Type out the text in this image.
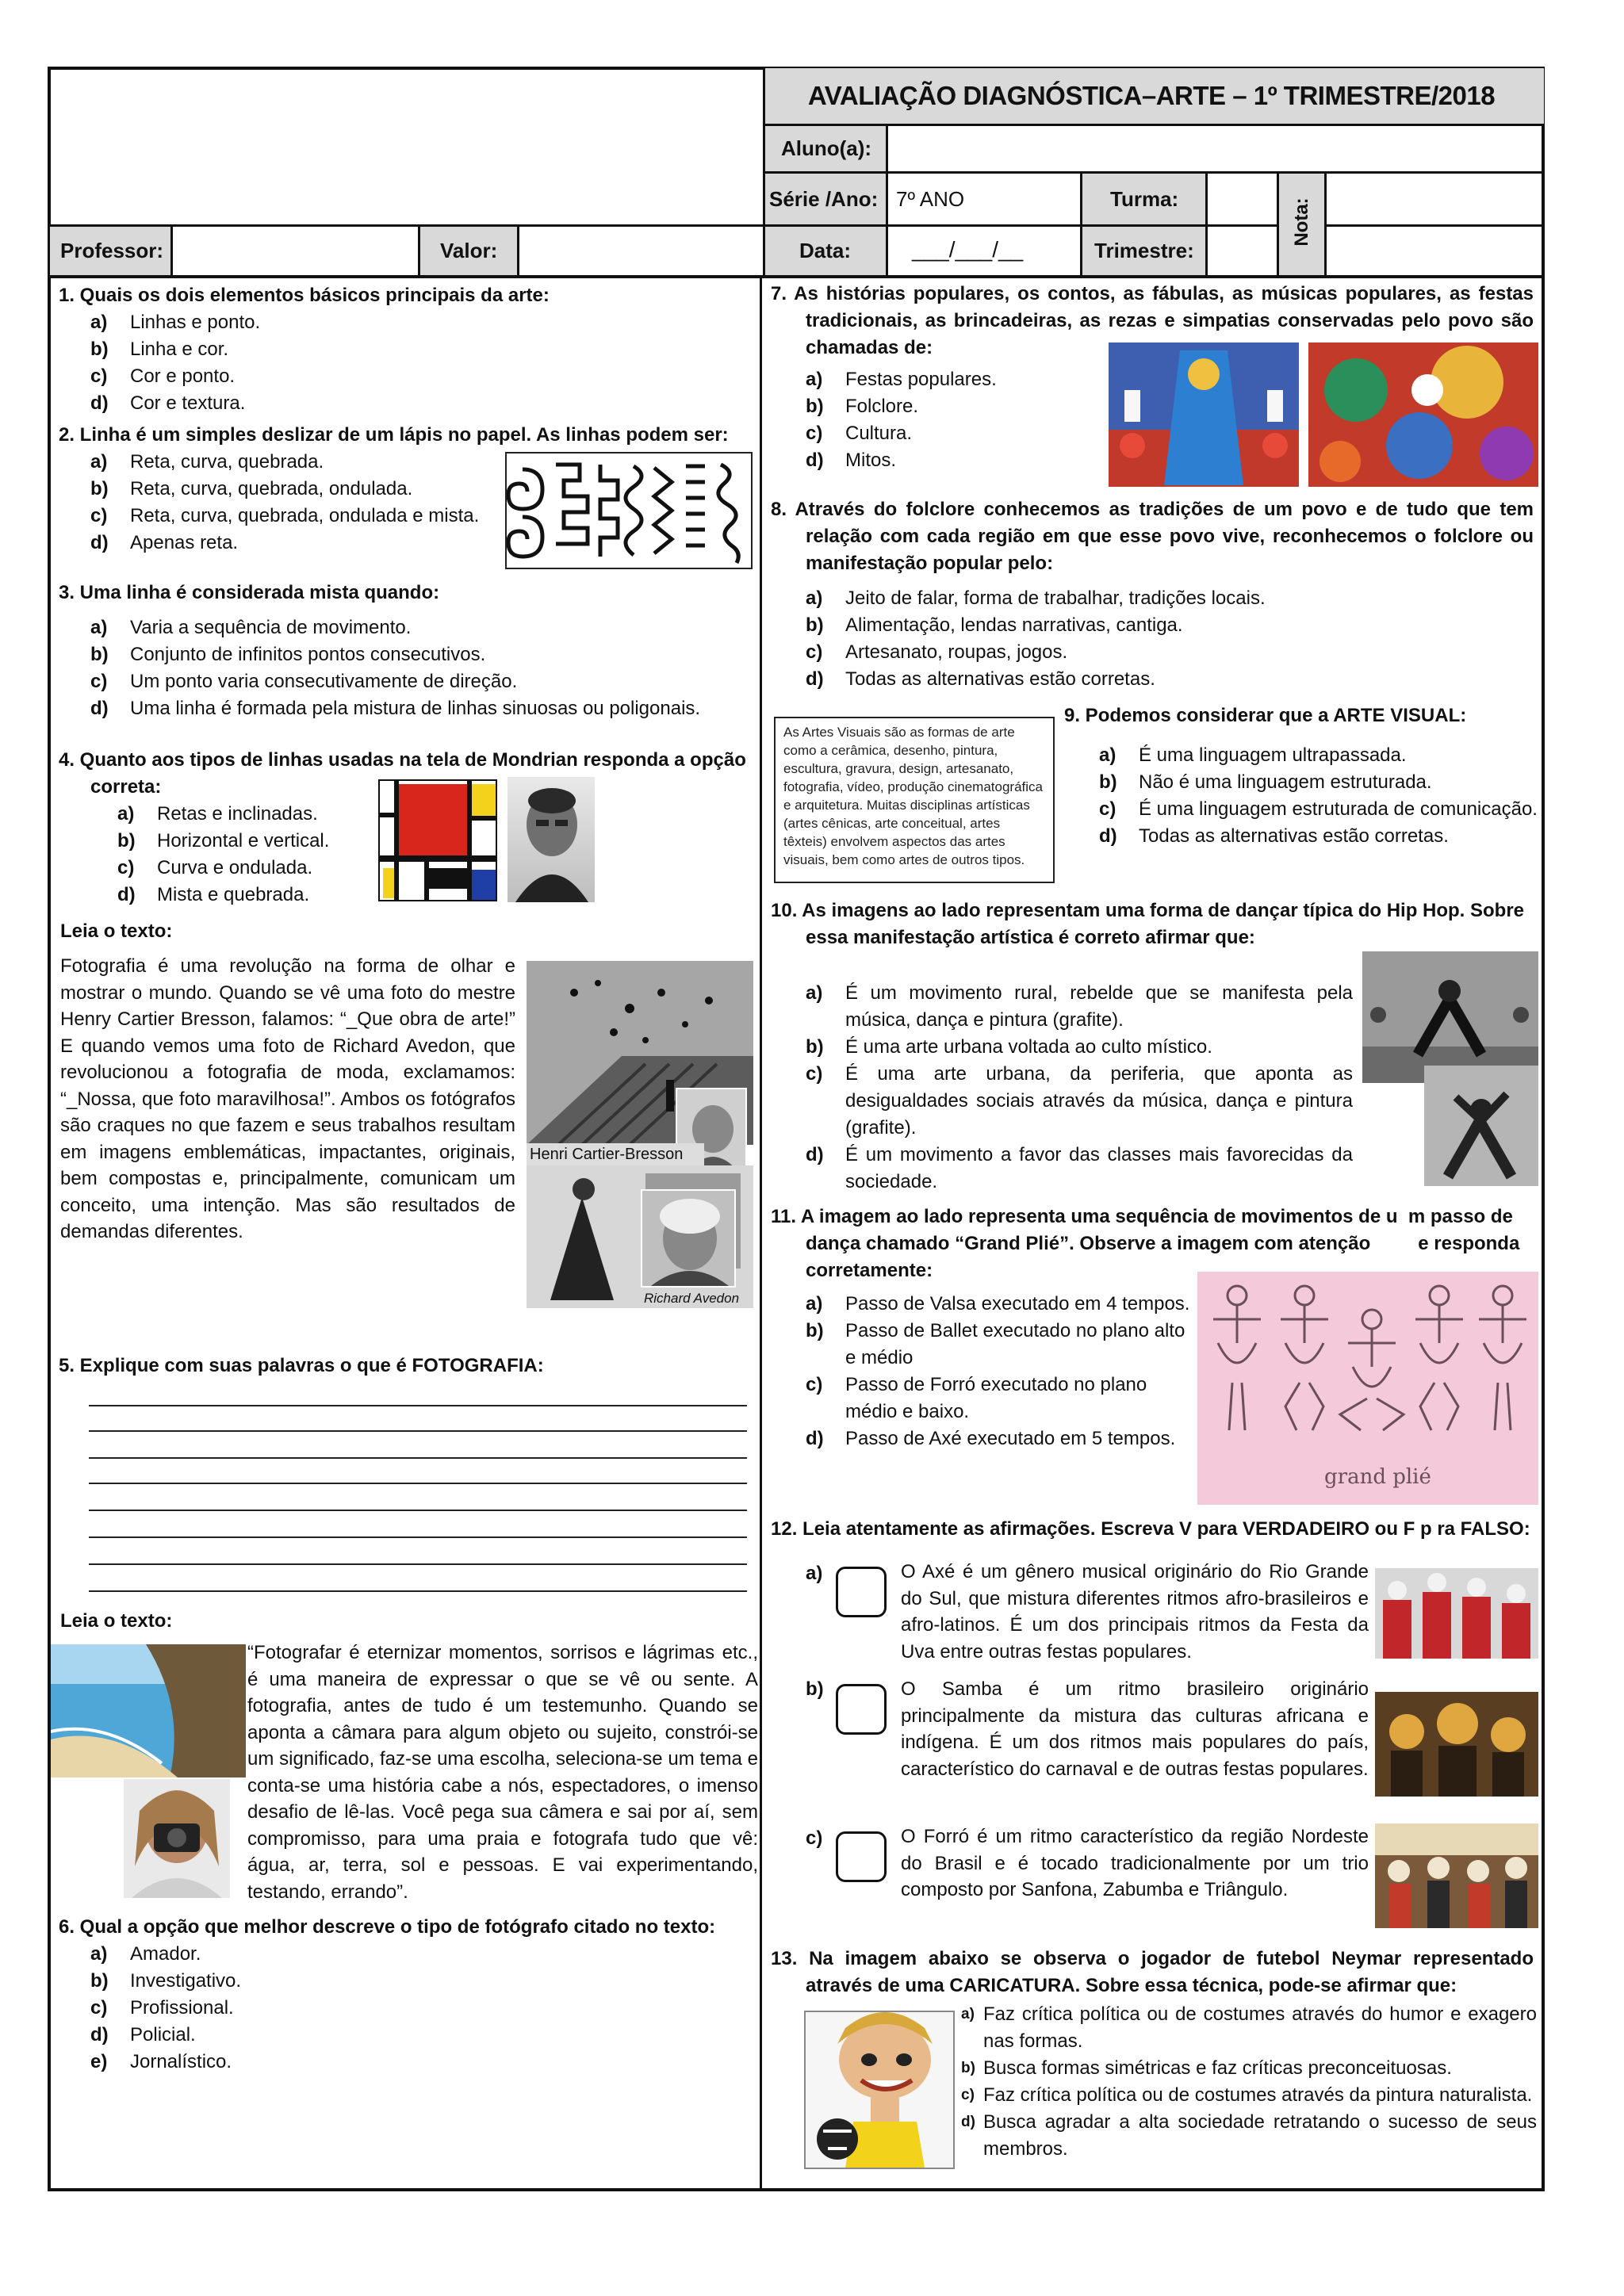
AVALIAÇÃO DIAGNÓSTICA–ARTE – 1º TRIMESTRE/2018
Aluno(a):
Série /Ano: 7º ANO	Turma:	Nota:
Professor:	Valor:	Data:	___/___/__	Trimestre:
1. Quais os dois elementos básicos principais da arte:
a)	Linhas e ponto.
b)	Linha e cor.
c)	Cor e ponto.
d)	Cor e textura.
2. Linha é um simples deslizar de um lápis no papel. As linhas podem ser:
a)	Reta, curva, quebrada.
b)	Reta, curva, quebrada, ondulada.
c)	Reta, curva, quebrada, ondulada e mista.
d)	Apenas reta.
3. Uma linha é considerada mista quando:
a)	Varia a sequência de movimento.
b)	Conjunto de infinitos pontos consecutivos.
c)	Um ponto varia consecutivamente de direção.
d)	Uma linha é formada pela mistura de linhas sinuosas ou poligonais.
4. Quanto aos tipos de linhas usadas na tela de Mondrian responda a opção
correta:
a)	Retas e inclinadas.
b)	Horizontal e vertical.
c)	Curva e ondulada.
d)	Mista e quebrada.
Leia o texto:
Fotografia é uma revolução na forma de olhar e mostrar o mundo. Quando se vê uma foto do mestre Henry Cartier Bresson, falamos: “_Que obra de arte!” E quando vemos uma foto de Richard Avedon, que revolucionou a fotografia de moda, exclamamos: “_Nossa, que foto maravilhosa!”. Ambos os fotógrafos são craques no que fazem e seus trabalhos resultam em imagens emblemáticas, impactantes, originais, bem compostas e, principalmente, comunicam um conceito, uma intenção. Mas são resultados de demandas diferentes.
Henri Cartier-Bresson
Richard Avedon
5. Explique com suas palavras o que é FOTOGRAFIA:
Leia o texto:
“Fotografar é eternizar momentos, sorrisos e lágrimas etc., é uma maneira de expressar o que se vê ou sente. A fotografia, antes de tudo é um testemunho. Quando se aponta a câmara para algum objeto ou sujeito, constrói-se um significado, faz-se uma escolha, seleciona-se um tema e conta-se uma história cabe a nós, espectadores, o imenso desafio de lê-las. Você pega sua câmera e sai por aí, sem compromisso, para uma praia e fotografa tudo que vê: água, ar, terra, sol e pessoas. E vai experimentando, testando, errando”.
6. Qual a opção que melhor descreve o tipo de fotógrafo citado no texto:
a)	Amador.
b)	Investigativo.
c)	Profissional.
d)	Policial.
e)	Jornalístico.
7. As histórias populares, os contos, as fábulas, as músicas populares, as festas tradicionais, as brincadeiras, as rezas e simpatias conservadas pelo povo são chamadas de:
a)	Festas populares.
b)	Folclore.
c)	Cultura.
d)	Mitos.
8. Através do folclore conhecemos as tradições de um povo e de tudo que tem relação com cada região em que esse povo vive, reconhecemos o folclore ou manifestação popular pelo:
a)	Jeito de falar, forma de trabalhar, tradições locais.
b)	Alimentação, lendas narrativas, cantiga.
c)	Artesanato, roupas, jogos.
d)	Todas as alternativas estão corretas.
As Artes Visuais são as formas de arte como a cerâmica, desenho, pintura, escultura, gravura, design, artesanato, fotografia, vídeo, produção cinematográfica e arquitetura. Muitas disciplinas artísticas (artes cênicas, arte conceitual, artes têxteis) envolvem aspectos das artes visuais, bem como artes de outros tipos.
9. Podemos considerar que a ARTE VISUAL:
a)	É uma linguagem ultrapassada.
b)	Não é uma linguagem estruturada.
c)	É uma linguagem estruturada de comunicação.
d)	Todas as alternativas estão corretas.
10. As imagens ao lado representam uma forma de dançar típica do Hip Hop. Sobre essa manifestação artística é correto afirmar que:
a)	É um movimento rural, rebelde que se manifesta pela música, dança e pintura (grafite).
b)	É uma arte urbana voltada ao culto místico.
c)	É uma arte urbana, da periferia, que aponta as desigualdades sociais através da música, dança e pintura (grafite).
d)	É um movimento a favor das classes mais favorecidas da sociedade.
11. A imagem ao lado representa uma sequência de movimentos de u  m passo de
dança chamado “Grand Plié”. Observe a imagem com atenção         e responda
corretamente:
a)	Passo de Valsa executado em 4 tempos.
b)	Passo de Ballet executado no plano alto e médio
c)	Passo de Forró executado no plano médio e baixo.
d)	Passo de Axé executado em 5 tempos.
grand plié
12. Leia atentamente as afirmações. Escreva V para VERDADEIRO ou F p ra FALSO:
a)	O Axé é um gênero musical originário do Rio Grande do Sul, que mistura diferentes ritmos afro-brasileiros e afro-latinos. É um dos principais ritmos da Festa da Uva entre outras festas populares.
b)	O Samba é um ritmo brasileiro originário principalmente da mistura das culturas africana e indígena. É um dos ritmos mais populares do país, característico do carnaval e de outras festas populares.
c)	O Forró é um ritmo característico da região Nordeste do Brasil e é tocado tradicionalmente por um trio composto por Sanfona, Zabumba e Triângulo.
13. Na imagem abaixo se observa o jogador de futebol Neymar representado através de uma CARICATURA. Sobre essa técnica, pode-se afirmar que:
a) Faz crítica política ou de costumes através do humor e exagero nas formas.
b) Busca formas simétricas e faz críticas preconceituosas.
c) Faz crítica política ou de costumes através da pintura naturalista.
d) Busca agradar a alta sociedade retratando o sucesso de seus membros.
